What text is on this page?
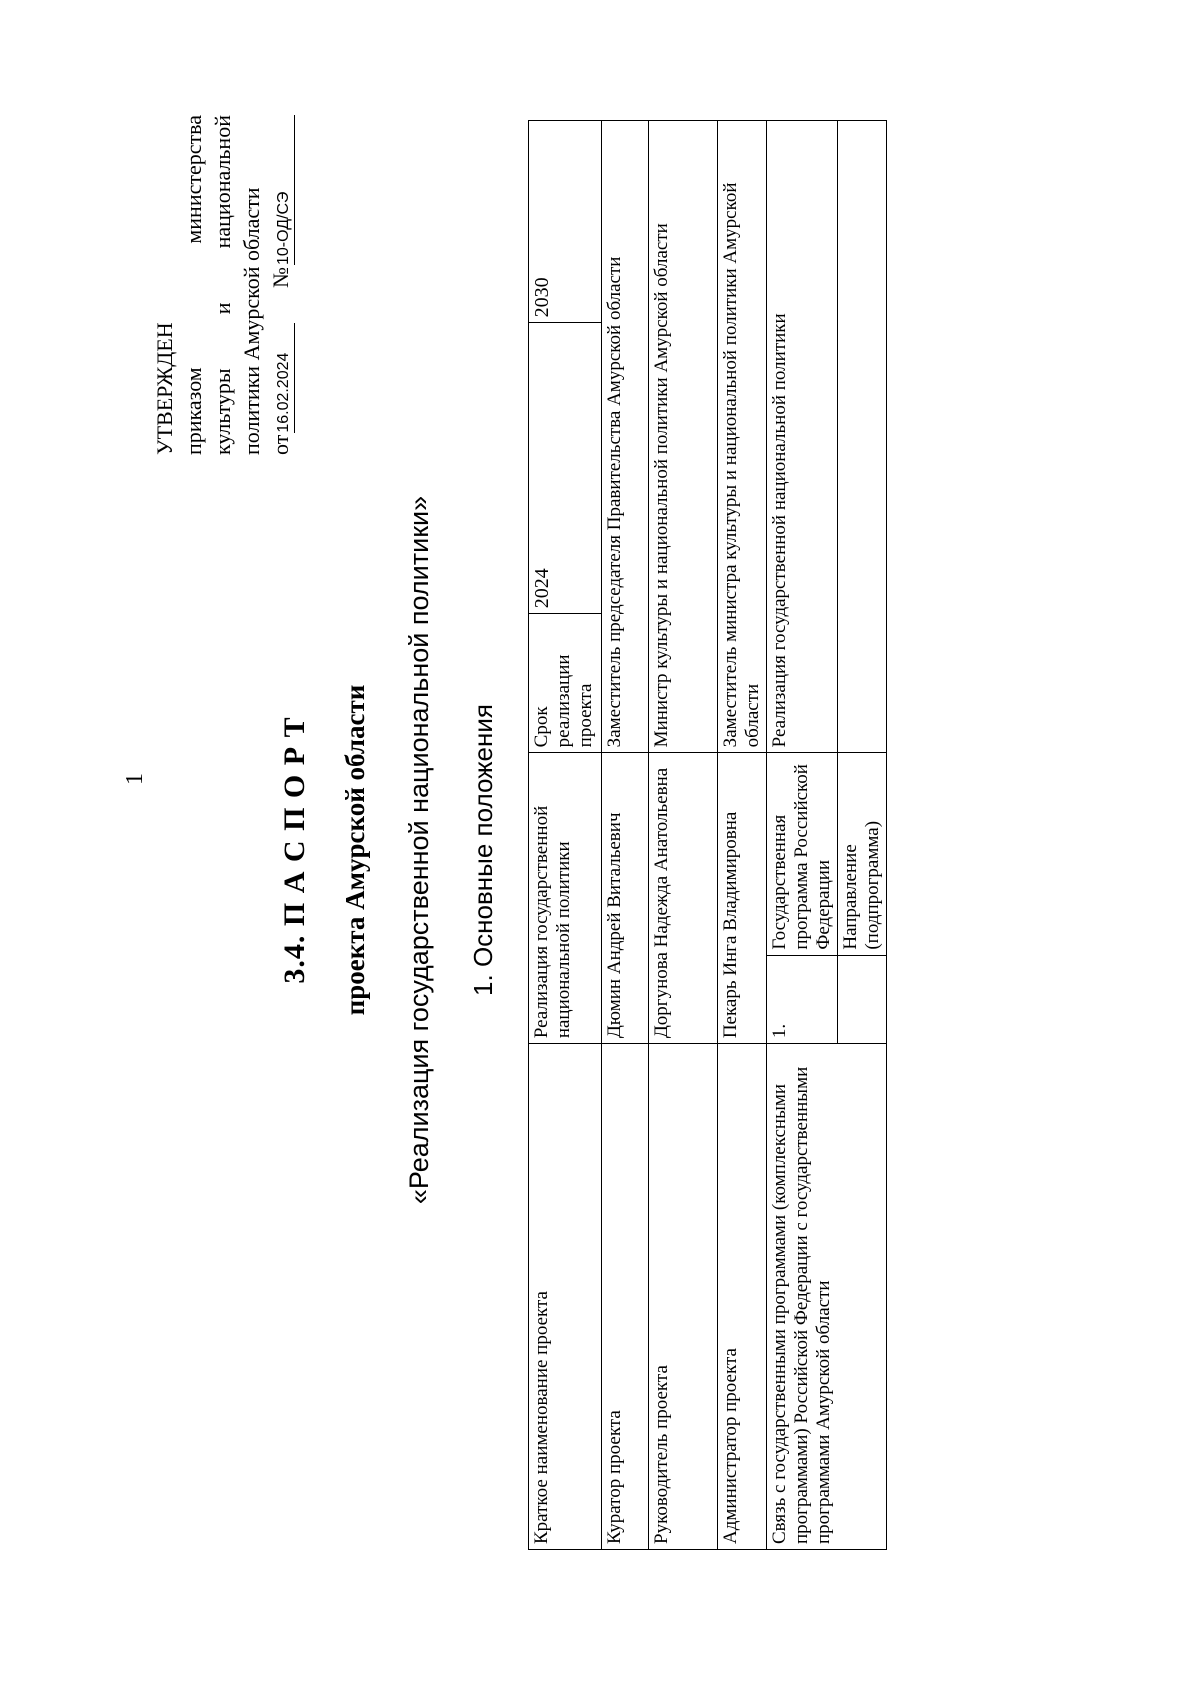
1
УТВЕРЖДЕН приказом
министерства
культуры
и
национальной
политики Амурской области от16.02.2024
№10-ОД/СЭ
3.4. П А С П О Р Т проекта Амурской области «Реализация государственной национальной политики» 1. Основные положения
Краткое наименование проекта	Реализация государственной национальной политики		Срок реализации проекта	2024	2030
Куратор проекта	Дюмин Андрей Витальевич		Заместитель председателя Правительства Амурской области		
Руководитель проекта	Доргунова Надежда Анатольевна		Министр культуры и национальной политики Амурской области		
Администратор проекта	Пекарь Инга Владимировна		Заместитель министра культуры и национальной политики Амурской области		
Связь с государственными программами (комплексными программами) Российской Федерации с государственными программами Амурской области	1.	Государственная программа Российской Федерации	Реализация государственной национальной политики		
		Направление (подпрограмма)			
